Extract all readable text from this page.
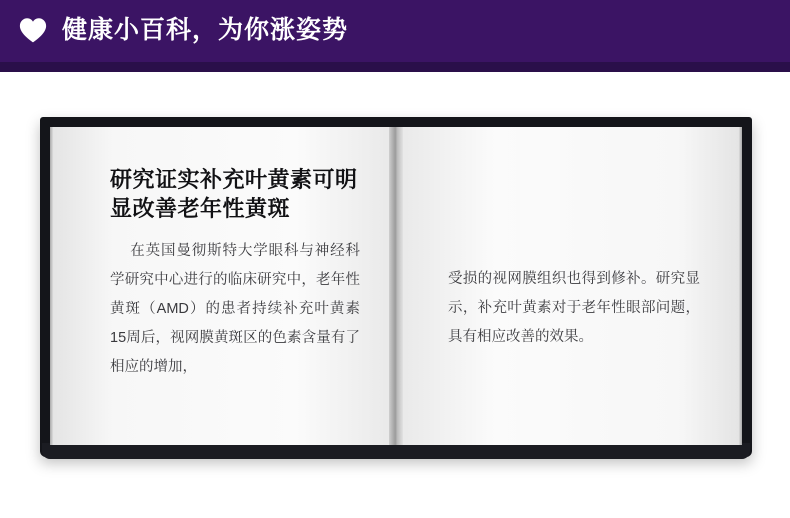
健康小百科，为你涨姿势
研究证实补充叶黄素可明显改善老年性黄斑

在英国曼彻斯特大学眼科与神经科学研究中心进行的临床研究中，老年性黄斑（AMD）的患者持续补充叶黄素15周后，视网膜黄斑区的色素含量有了相应的增加，

受损的视网膜组织也得到修补。研究显示，补充叶黄素对于老年性眼部问题，具有相应改善的效果。
